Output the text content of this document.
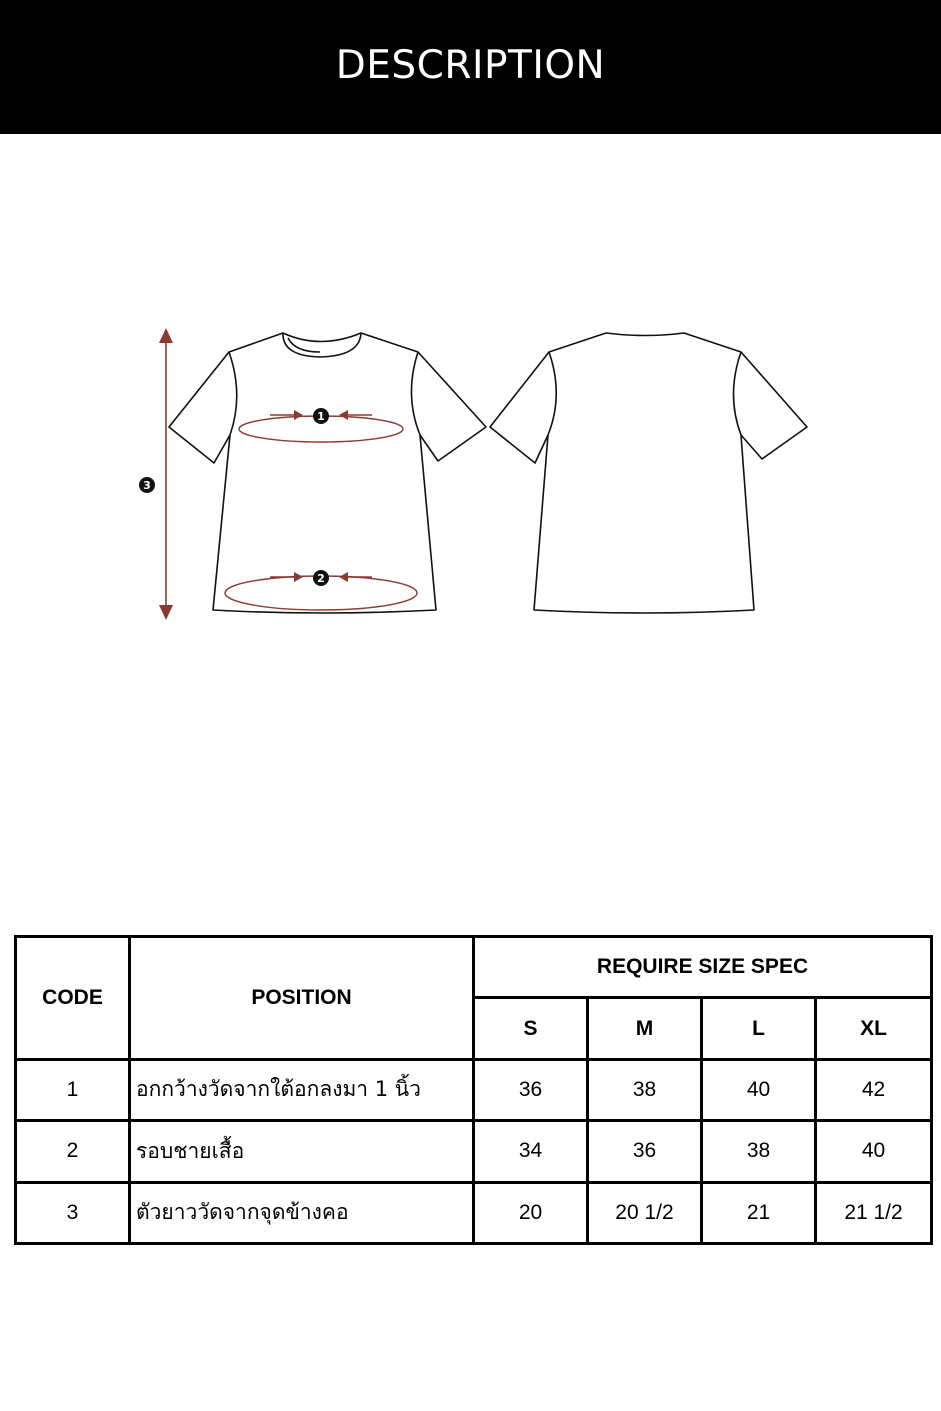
DESCRIPTION
3
1
2
CODE	POSITION	REQUIRE SIZE SPEC			
		S	M	L	XL
1	อกกว้างวัดจากใต้อกลงมา 1 นิ้ว	36	38	40	42
2	รอบชายเสื้อ	34	36	38	40
3	ตัวยาววัดจากจุดข้างคอ	20	20 1/2	21	21 1/2
